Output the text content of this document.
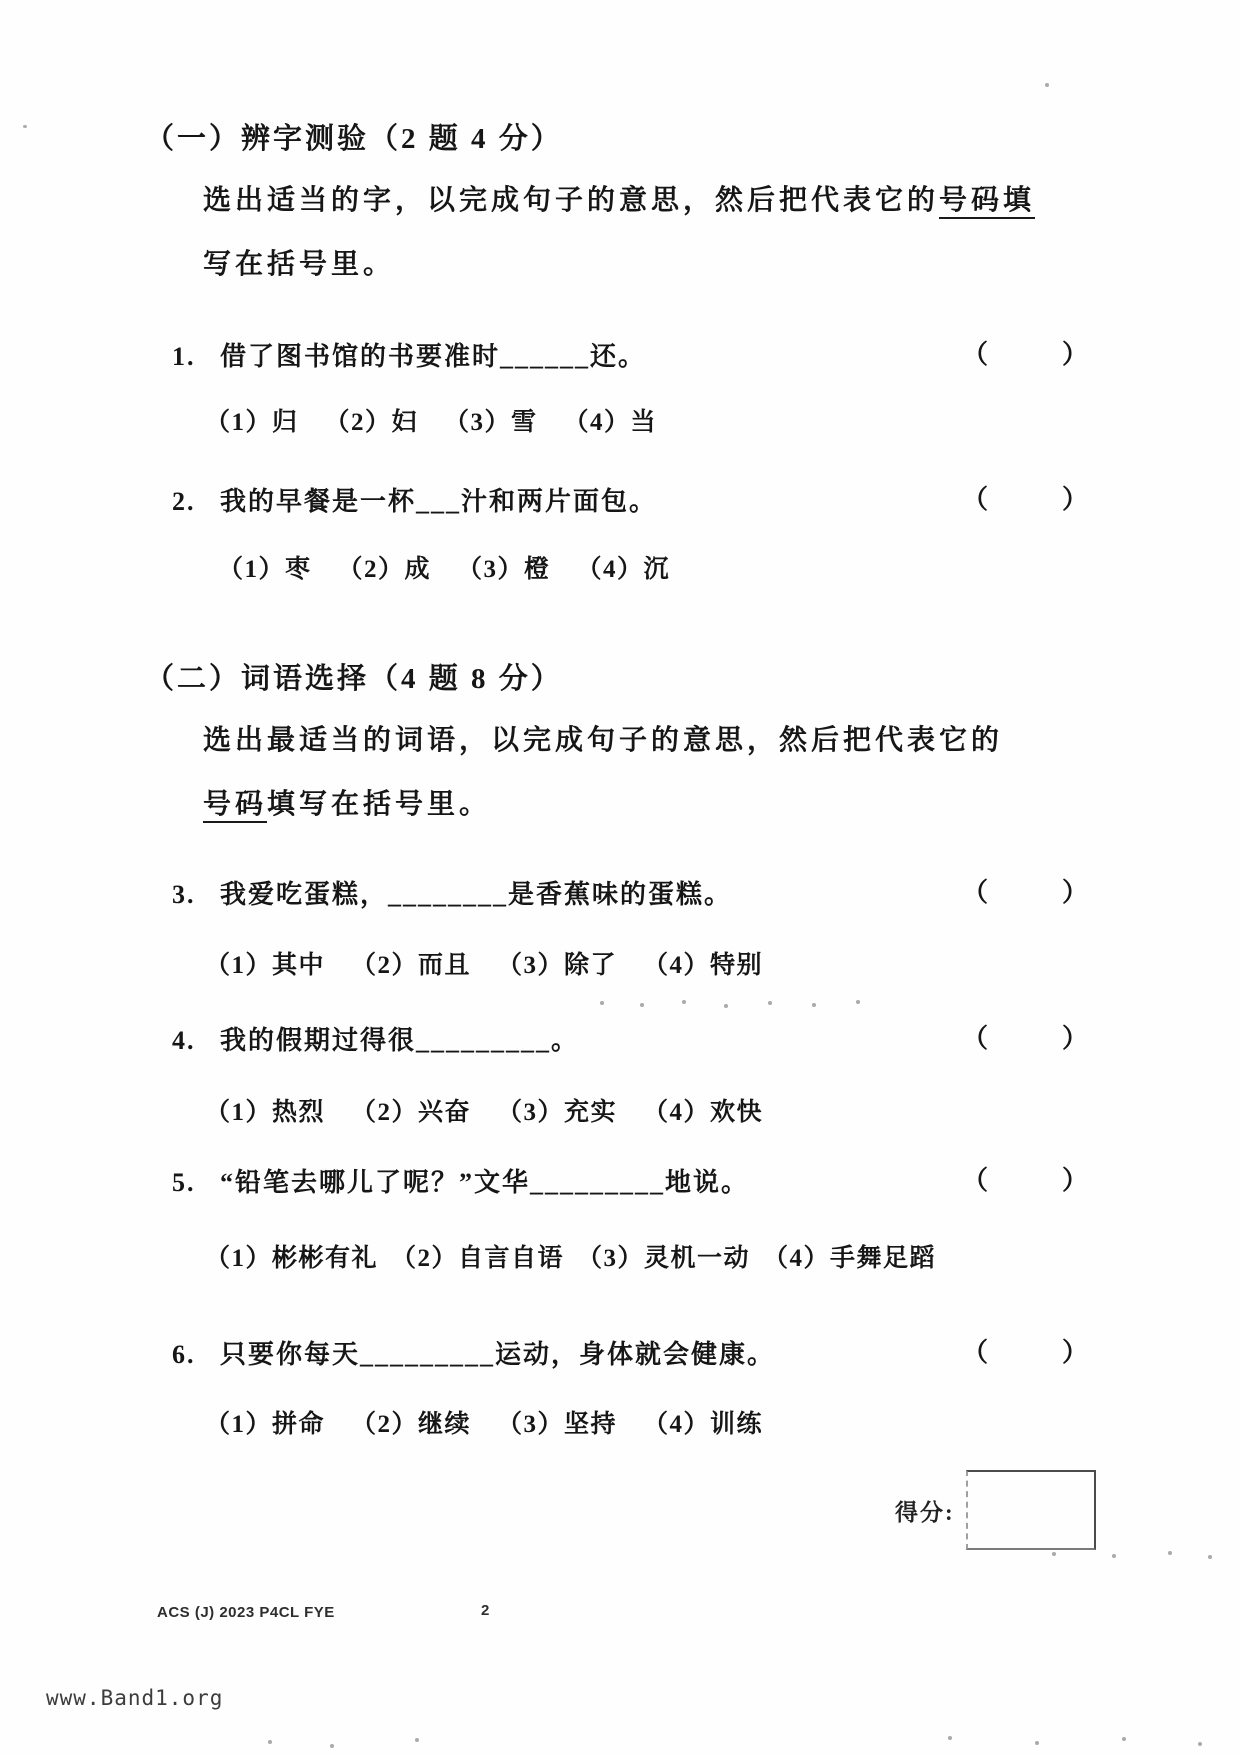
（一）辨字测验（2 题 4 分）
选出适当的字，以完成句子的意思，然后把代表它的号码填
写在括号里。
1. 借了图书馆的书要准时______还。	（	）
（1）归 （2）妇 （3）雪 （4）当
2. 我的早餐是一杯___汁和两片面包。	（	）
（1）枣 （2）成 （3）橙 （4）沉
（二）词语选择（4 题 8 分）
选出最适当的词语，以完成句子的意思，然后把代表它的
号码填写在括号里。
3. 我爱吃蛋糕，________是香蕉味的蛋糕。	（	）
（1）其中 （2）而且 （3）除了 （4）特别
4. 我的假期过得很_________。	（	）
（1）热烈 （2）兴奋 （3）充实 （4）欢快
5. “铅笔去哪儿了呢？”文华_________地说。	（	）
（1）彬彬有礼 （2）自言自语 （3）灵机一动 （4）手舞足蹈
6. 只要你每天_________运动，身体就会健康。	（	）
（1）拼命 （2）继续 （3）坚持 （4）训练
得分:
ACS (J) 2023 P4CL FYE	2
www.Band1.org
